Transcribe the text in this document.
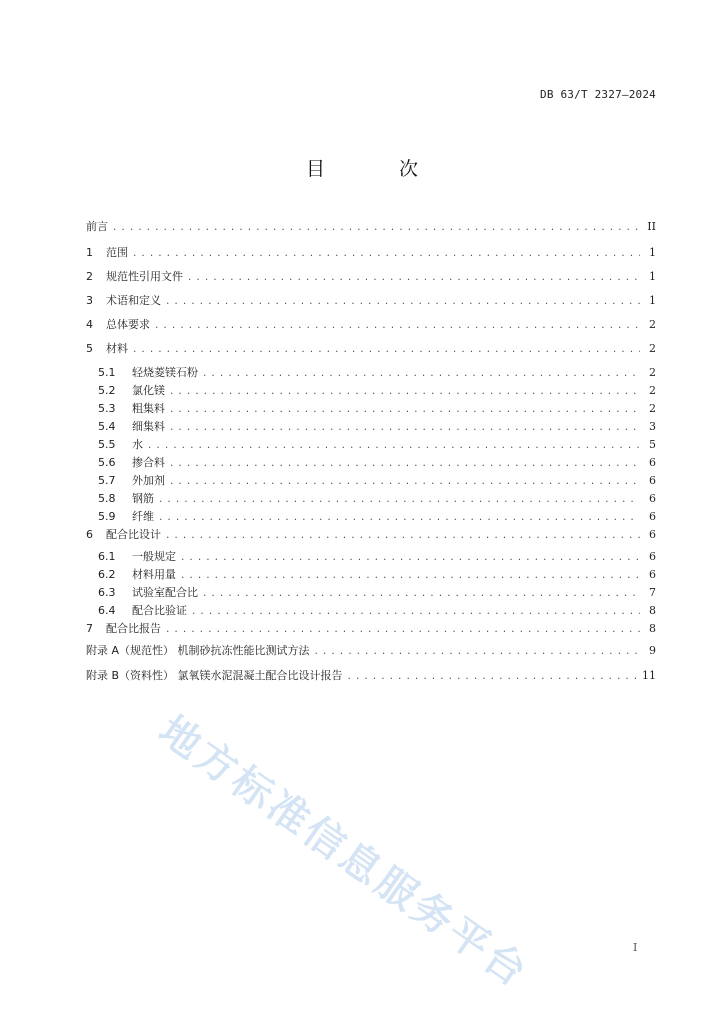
DB 63/T 2327—2024
目 次
前言 .....	II
1 范围 .....	1
2 规范性引用文件 .....	1
3 术语和定义 .....	1
4 总体要求 .....	2
5 材料 .....	2
5.1	轻烧菱镁石粉 .....	2
5.2	氯化镁 .....	2
5.3	粗集料 .....	2
5.4	细集料 .....	3
5.5	水 .....	5
5.6	掺合料 .....	6
5.7	外加剂 .....	6
5.8	钢筋 .....	6
5.9	纤维 .....	6
6 配合比设计 .....	6
6.1	一般规定 .....	6
6.2	材料用量 .....	6
6.3	试验室配合比 .....	7
6.4	配合比验证 .....	8
7 配合比报告 .....	8
附录 A（规范性） 机制砂抗冻性能比测试方法 .....	9
附录 B（资料性） 氯氧镁水泥混凝土配合比设计报告 .....	11
地方标准信息服务平台	I
